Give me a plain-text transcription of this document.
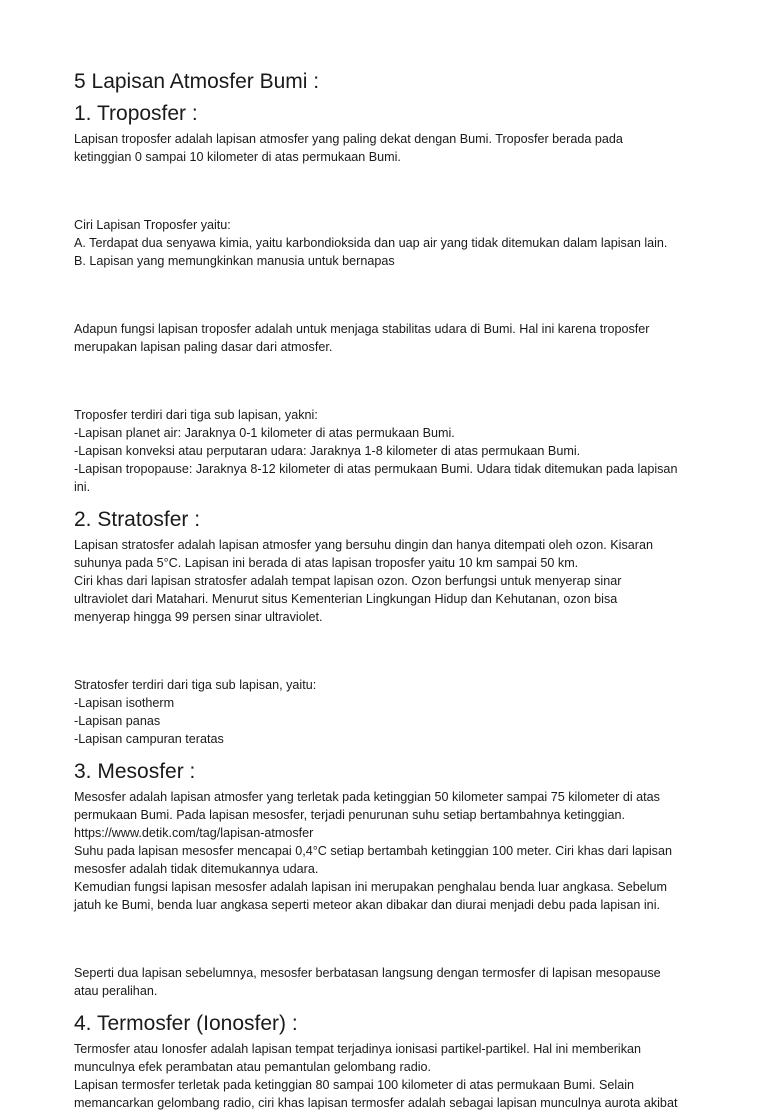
5 Lapisan Atmosfer Bumi :
1. Troposfer :

Lapisan troposfer adalah lapisan atmosfer yang paling dekat dengan Bumi. Troposfer berada pada

ketinggian 0 sampai 10 kilometer di atas permukaan Bumi.

Ciri Lapisan Troposfer yaitu:

A. Terdapat dua senyawa kimia, yaitu karbondioksida dan uap air yang tidak ditemukan dalam lapisan lain.

B. Lapisan yang memungkinkan manusia untuk bernapas

Adapun fungsi lapisan troposfer adalah untuk menjaga stabilitas udara di Bumi. Hal ini karena troposfer

merupakan lapisan paling dasar dari atmosfer.

Troposfer terdiri dari tiga sub lapisan, yakni:

-Lapisan planet air: Jaraknya 0-1 kilometer di atas permukaan Bumi.

-Lapisan konveksi atau perputaran udara: Jaraknya 1-8 kilometer di atas permukaan Bumi.

-Lapisan tropopause: Jaraknya 8-12 kilometer di atas permukaan Bumi. Udara tidak ditemukan pada lapisan

ini.

2. Stratosfer :

Lapisan stratosfer adalah lapisan atmosfer yang bersuhu dingin dan hanya ditempati oleh ozon. Kisaran

suhunya pada 5°C. Lapisan ini berada di atas lapisan troposfer yaitu 10 km sampai 50 km.

Ciri khas dari lapisan stratosfer adalah tempat lapisan ozon. Ozon berfungsi untuk menyerap sinar

ultraviolet dari Matahari. Menurut situs Kementerian Lingkungan Hidup dan Kehutanan, ozon bisa

menyerap hingga 99 persen sinar ultraviolet.

Stratosfer terdiri dari tiga sub lapisan, yaitu:

-Lapisan isotherm

-Lapisan panas

-Lapisan campuran teratas

3. Mesosfer :

Mesosfer adalah lapisan atmosfer yang terletak pada ketinggian 50 kilometer sampai 75 kilometer di atas

permukaan Bumi. Pada lapisan mesosfer, terjadi penurunan suhu setiap bertambahnya ketinggian.

https://www.detik.com/tag/lapisan-atmosfer

Suhu pada lapisan mesosfer mencapai 0,4°C setiap bertambah ketinggian 100 meter. Ciri khas dari lapisan

mesosfer adalah tidak ditemukannya udara.

Kemudian fungsi lapisan mesosfer adalah lapisan ini merupakan penghalau benda luar angkasa. Sebelum

jatuh ke Bumi, benda luar angkasa seperti meteor akan dibakar dan diurai menjadi debu pada lapisan ini.

Seperti dua lapisan sebelumnya, mesosfer berbatasan langsung dengan termosfer di lapisan mesopause

atau peralihan.

4. Termosfer (Ionosfer) :

Termosfer atau Ionosfer adalah lapisan tempat terjadinya ionisasi partikel-partikel. Hal ini memberikan

munculnya efek perambatan atau pemantulan gelombang radio.

Lapisan termosfer terletak pada ketinggian 80 sampai 100 kilometer di atas permukaan Bumi. Selain

memancarkan gelombang radio, ciri khas lapisan termosfer adalah sebagai lapisan munculnya aurota akibat
